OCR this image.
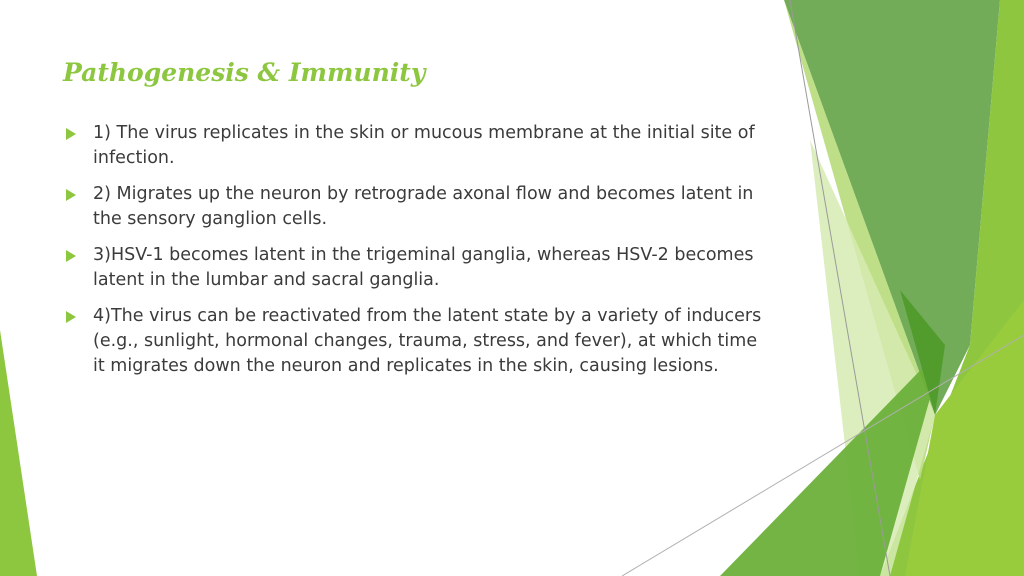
Pathogenesis & Immunity
1) The virus replicates in the skin or mucous membrane at the initial site of infection.
2) Migrates up the neuron by retrograde axonal flow and becomes latent in the sensory ganglion cells.
3)HSV-1 becomes latent in the trigeminal ganglia, whereas HSV-2 becomes latent in the lumbar and sacral ganglia.
4)The virus can be reactivated from the latent state by a variety of inducers (e.g., sunlight, hormonal changes, trauma, stress, and fever), at which time it migrates down the neuron and replicates in the skin, causing lesions.
